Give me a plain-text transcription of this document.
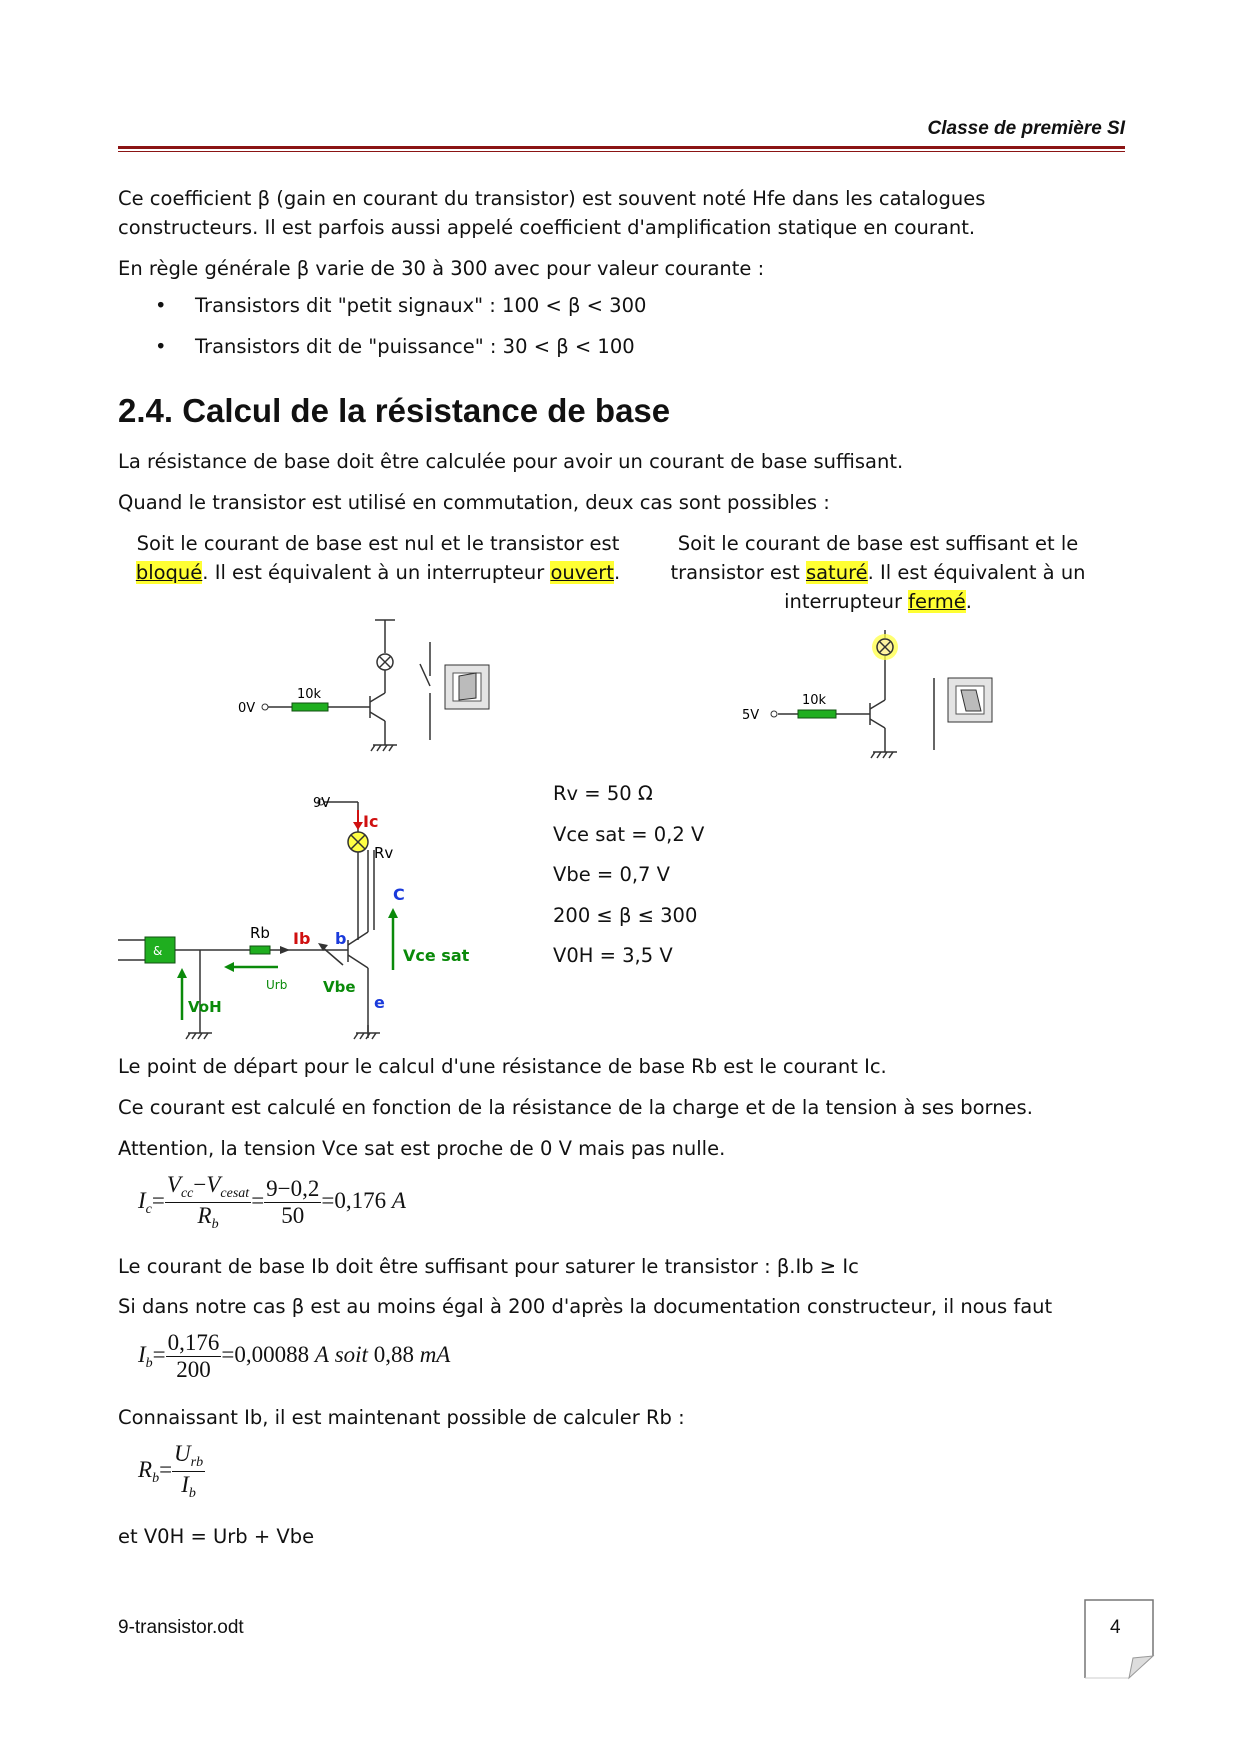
Classe de première SI

Ce coefficient β (gain en courant du transistor) est souvent noté Hfe dans les catalogues
constructeurs. Il est parfois aussi appelé coefficient d'amplification statique en courant.

En règle générale β varie de 30 à 300 avec pour valeur courante :

• Transistors dit "petit signaux" : 100 < β < 300
• Transistors dit de "puissance" : 30 < β < 100
2.4. Calcul de la résistance de base

La résistance de base doit être calculée pour avoir un courant de base suffisant.

Quand le transistor est utilisé en commutation, deux cas sont possibles :

Soit le courant de base est nul et le transistor est
bloqué. Il est équivalent à un interrupteur ouvert.
Soit le courant de base est suffisant et le
transistor est saturé. Il est équivalent à un
interrupteur fermé.
0V
10k
5V
10k
&
9V
Ic
Rv
C
Rb Ib b
Vce sat
Vbe
e
Urb
VoH
Rv = 50 Ω
Vce sat = 0,2 V
Vbe = 0,7 V
200 ≤ β ≤ 300
V0H = 3,5 V

Le point de départ pour le calcul d'une résistance de base Rb est le courant Ic.

Ce courant est calculé en fonction de la résistance de la charge et de la tension à ses bornes.

Attention, la tension Vce sat est proche de 0 V mais pas nulle.

$I_c= \frac{V_{cc}-V_{cesat}}{R_b} = \frac{9-0,2}{50} =0,176$ A

Le courant de base Ib doit être suffisant pour saturer le transistor : β.Ib ≥ Ic

Si dans notre cas β est au moins égal à 200 d'après la documentation constructeur, il nous faut

$I_b= \frac{0,176}{200} =0,00088$ A soit 0,88 mA

Connaissant Ib, il est maintenant possible de calculer Rb :

$R_b= \frac{U_{rb}}{I_b}$

et V0H = Urb + Vbe

9-transistor.odt	4
